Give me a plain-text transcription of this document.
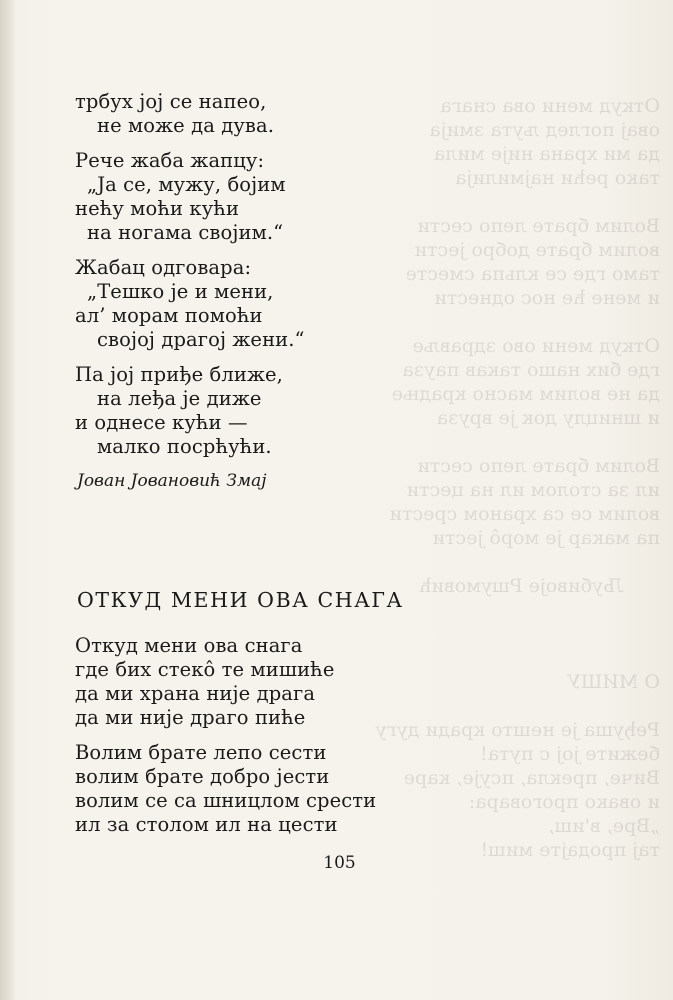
Откуд мени ова снага
овај поглед љута змија
да ми храна није мила
тако рећи најмилија

Волим брате лепо сести
волим брате добро јести
тамо где се кльпа сместе
и мене ће нос однести

Откуд мени ово здравље
где бих нашо такав пауза
да не волим масно крадње
и шницлу док је вруза

Волим брате лепо сести
ил за столом ил на цести
волим се са храном срести
па макар је морô јести

Љубивоје Ршумовић

О МИШУ

Ређуша је нешто кради дугу
бежите јој с пута!
Виче, прекла, псује, каре
и овако проговара:
„Вре, в'иш,
тај продајте миш!
трбух јој се напео,
не може да дува.
Рече жаба жапцу:
„Ја се, мужу, бојим
нећу моћи кући
на ногама својим.“
Жабац одговара:
„Тешко је и мени,
ал’ морам помоћи
својој драгој жени.“
Па јој приђе ближе,
на леђа је диже
и однесе кући —
малко посрћући.
Јован Јовановић Змај
ОТКУД МЕНИ ОВА СНАГА
Откуд мени ова снага
где бих стекô те мишиће
да ми храна није драга
да ми није драго пиће
Волим брате лепо сести
волим брате добро јести
волим се са шницлом срести
ил за столом ил на цести
105
